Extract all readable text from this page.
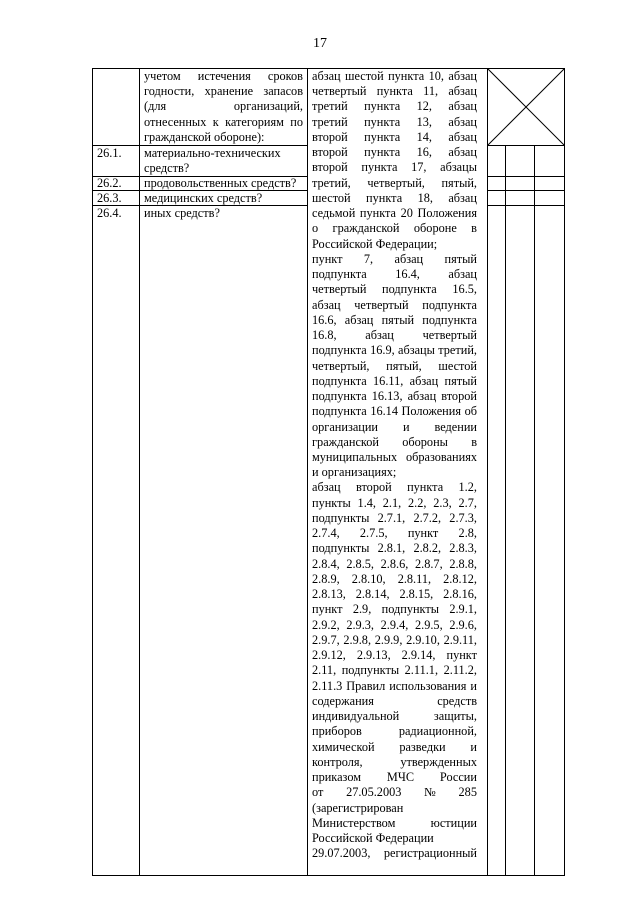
17
учетом истечения сроков
годности, хранение запасов
(для	организаций,
отнесенных к категориям по
гражданской обороне):
26.1. материально-технических
средств?
26.2. продовольственных средств?
26.3. медицинских средств?
26.4. иных средств?
абзац шестой пункта 10, абзац
четвертый пункта 11, абзац
третий пункта 12, абзац
третий пункта 13, абзац
второй пункта 14, абзац
второй пункта 16, абзац
второй пункта 17, абзацы
третий, четвертый, пятый,
шестой пункта 18, абзац
седьмой пункта 20 Положения
о гражданской обороне в
Российской Федерации;
пункт 7, абзац пятый
подпункта 16.4, абзац
четвертый подпункта 16.5,
абзац четвертый подпункта
16.6, абзац пятый подпункта
16.8, абзац четвертый
подпункта 16.9, абзацы третий,
четвертый, пятый, шестой
подпункта 16.11, абзац пятый
подпункта 16.13, абзац второй
подпункта 16.14 Положения об
организации и ведении
гражданской обороны в
муниципальных образованиях
и организациях;
абзац второй пункта 1.2,
пункты 1.4, 2.1, 2.2, 2.3, 2.7,
подпункты 2.7.1, 2.7.2, 2.7.3,
2.7.4, 2.7.5, пункт 2.8,
подпункты 2.8.1, 2.8.2, 2.8.3,
2.8.4, 2.8.5, 2.8.6, 2.8.7, 2.8.8,
2.8.9, 2.8.10, 2.8.11, 2.8.12,
2.8.13, 2.8.14, 2.8.15, 2.8.16,
пункт 2.9, подпункты 2.9.1,
2.9.2, 2.9.3, 2.9.4, 2.9.5, 2.9.6,
2.9.7, 2.9.8, 2.9.9, 2.9.10, 2.9.11,
2.9.12, 2.9.13, 2.9.14, пункт
2.11, подпункты 2.11.1, 2.11.2,
2.11.3 Правил использования и
содержания	средств
индивидуальной	защиты,
приборов	радиационной,
химической разведки и
контроля,	утвержденных
приказом МЧС России
от 27.05.2003 № 285
(зарегистрирован
Министерством	юстиции
Российской Федерации
29.07.2003, регистрационный
